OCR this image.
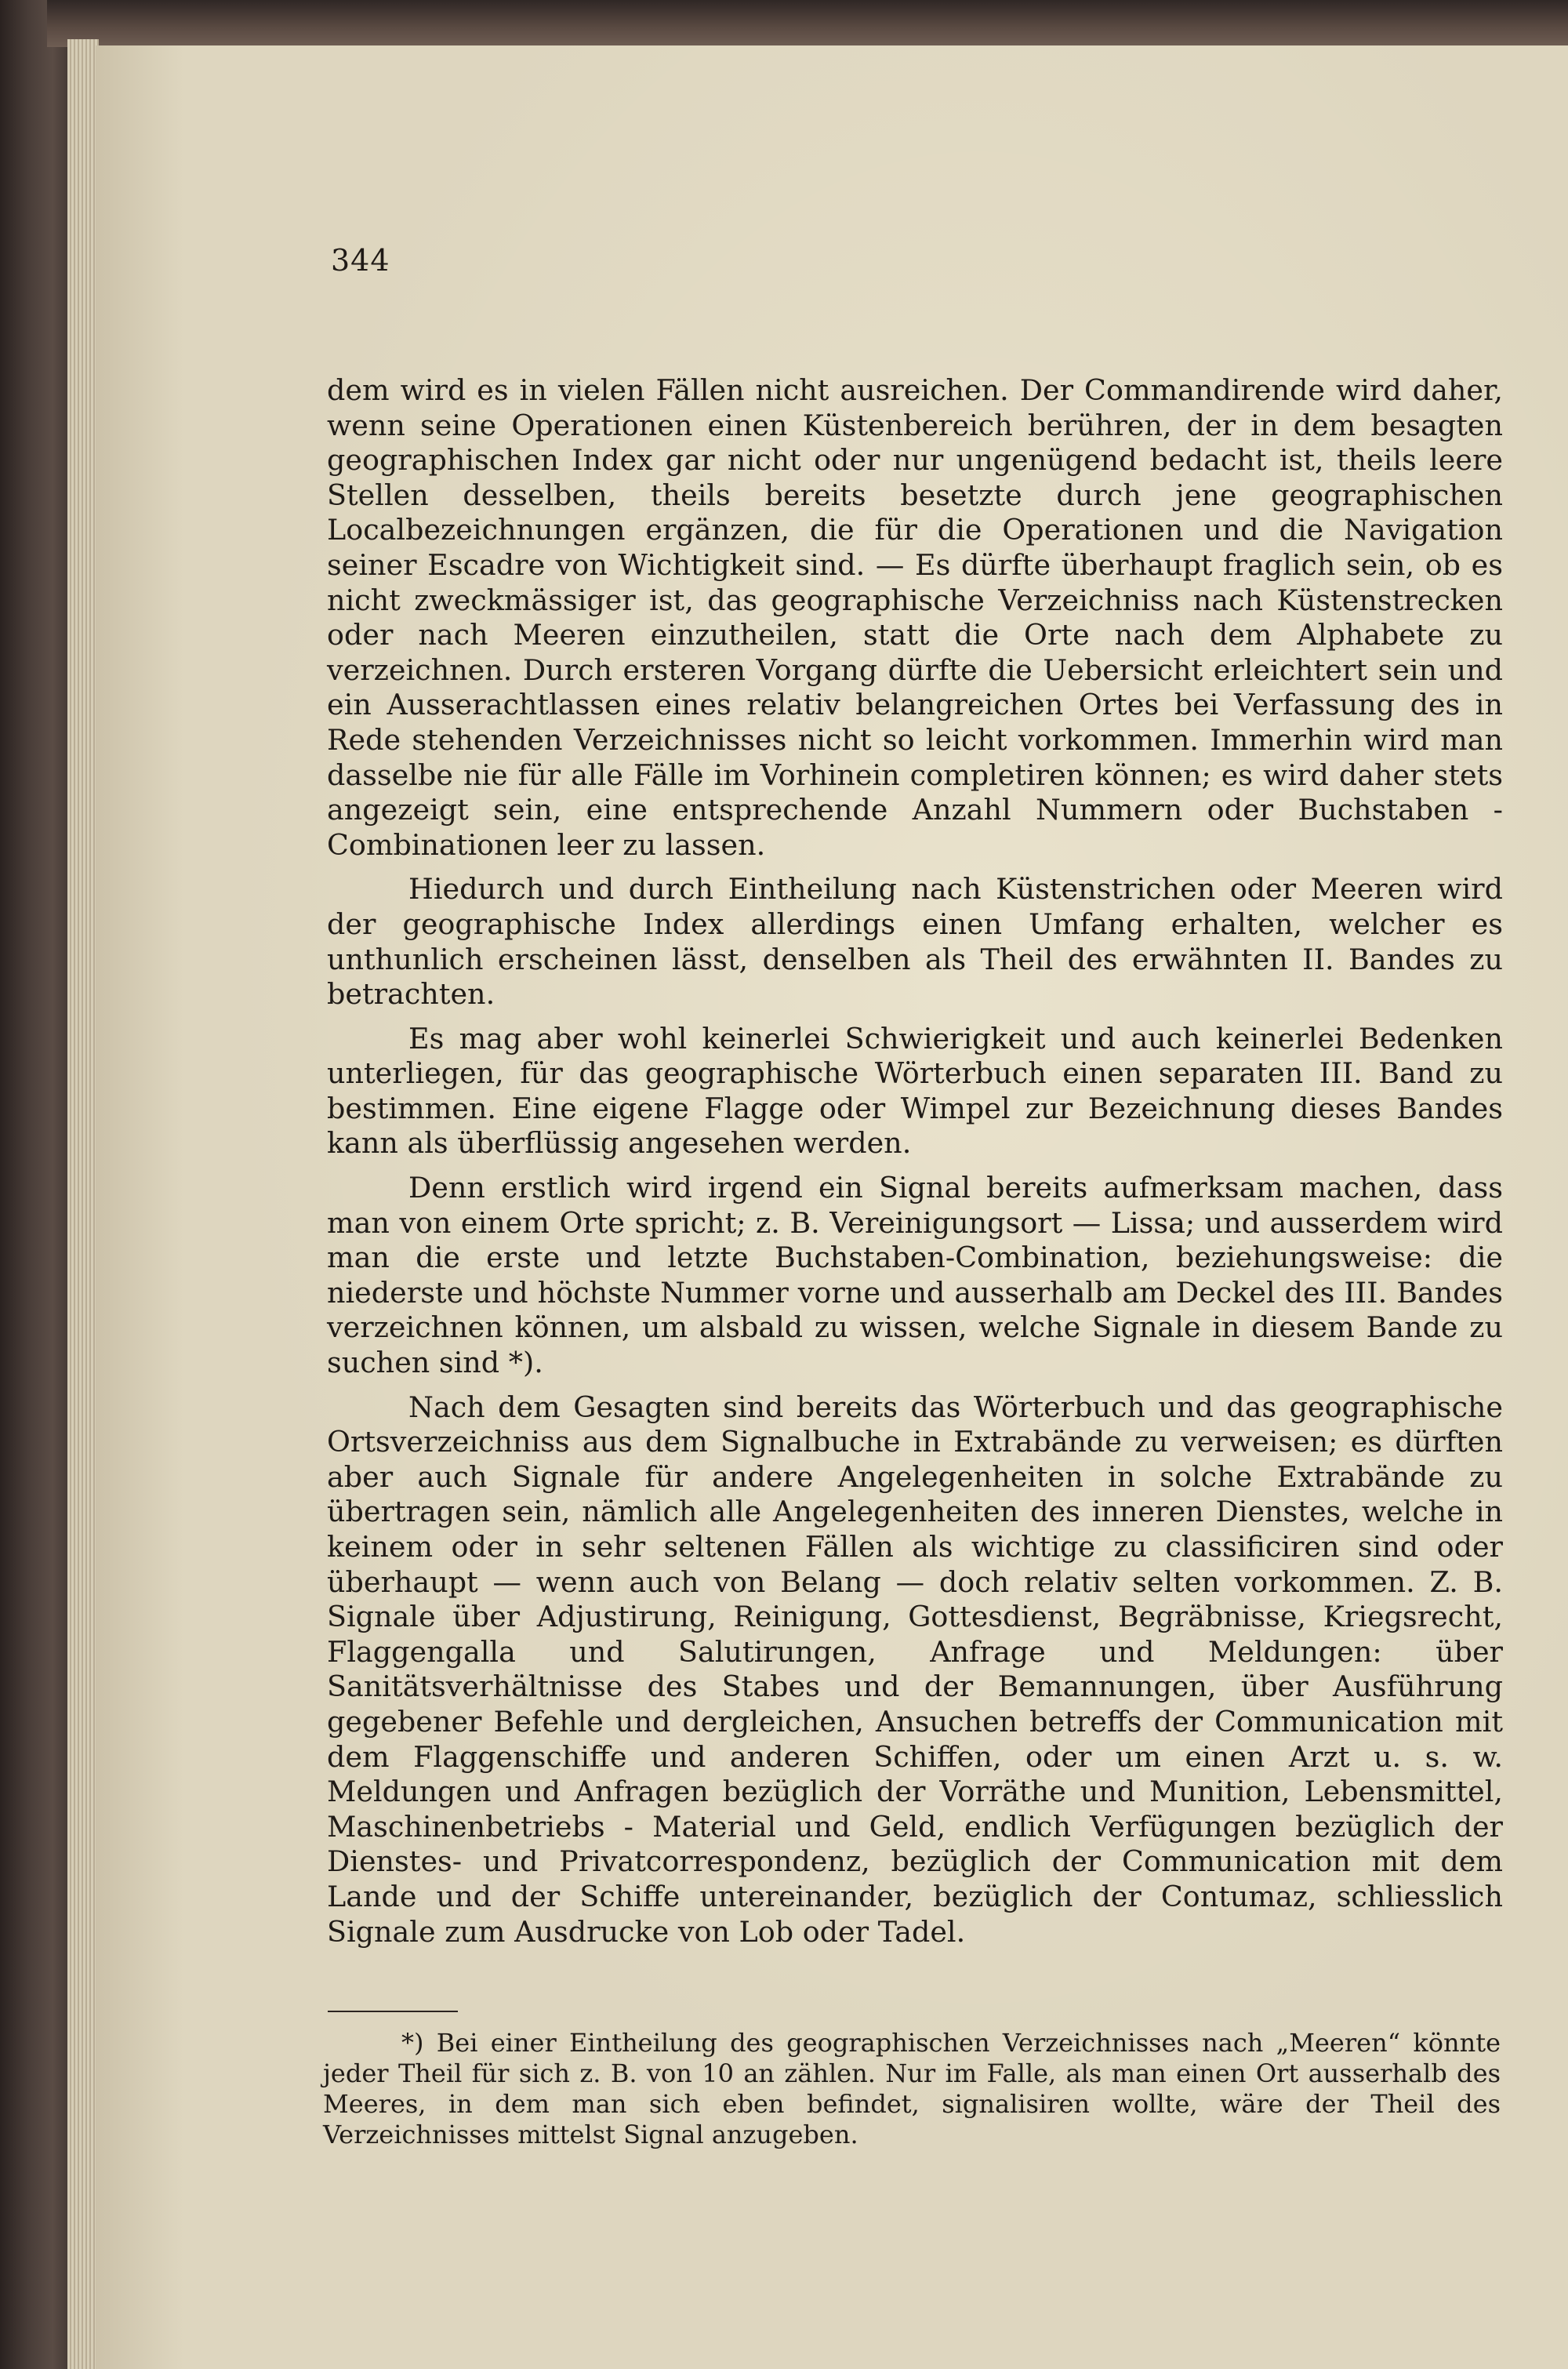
344

dem wird es in vielen Fällen nicht ausreichen. Der Commandirende wird daher, wenn seine Operationen einen Küstenbereich berühren, der in dem besagten geographischen Index gar nicht oder nur ungenügend bedacht ist, theils leere Stellen desselben, theils bereits besetzte durch jene geographischen Localbezeichnungen ergänzen, die für die Operationen und die Navigation seiner Escadre von Wichtigkeit sind. — Es dürfte überhaupt fraglich sein, ob es nicht zweckmässiger ist, das geographische Verzeichniss nach Küstenstrecken oder nach Meeren einzutheilen, statt die Orte nach dem Alphabete zu verzeichnen. Durch ersteren Vorgang dürfte die Uebersicht erleichtert sein und ein Ausserachtlassen eines relativ belangreichen Ortes bei Verfassung des in Rede stehenden Verzeichnisses nicht so leicht vorkommen. Immerhin wird man dasselbe nie für alle Fälle im Vorhinein completiren können; es wird daher stets angezeigt sein, eine entsprechende Anzahl Nummern oder Buchstaben - Combinationen leer zu lassen.

Hiedurch und durch Eintheilung nach Küstenstrichen oder Meeren wird der geographische Index allerdings einen Umfang erhalten, welcher es unthunlich erscheinen lässt, denselben als Theil des erwähnten II. Bandes zu betrachten.

Es mag aber wohl keinerlei Schwierigkeit und auch keinerlei Bedenken unterliegen, für das geographische Wörterbuch einen separaten III. Band zu bestimmen. Eine eigene Flagge oder Wimpel zur Bezeichnung dieses Bandes kann als überflüssig angesehen werden.

Denn erstlich wird irgend ein Signal bereits aufmerksam machen, dass man von einem Orte spricht; z. B. Vereinigungsort — Lissa; und ausserdem wird man die erste und letzte Buchstaben-Combination, beziehungsweise: die niederste und höchste Nummer vorne und ausserhalb am Deckel des III. Bandes verzeichnen können, um alsbald zu wissen, welche Signale in diesem Bande zu suchen sind *).

Nach dem Gesagten sind bereits das Wörterbuch und das geographische Ortsverzeichniss aus dem Signalbuche in Extrabände zu verweisen; es dürften aber auch Signale für andere Angelegenheiten in solche Extrabände zu übertragen sein, nämlich alle Angelegenheiten des inneren Dienstes, welche in keinem oder in sehr seltenen Fällen als wichtige zu classificiren sind oder überhaupt — wenn auch von Belang — doch relativ selten vorkommen. Z. B. Signale über Adjustirung, Reinigung, Gottesdienst, Begräbnisse, Kriegsrecht, Flaggengalla und Salutirungen, Anfrage und Meldungen: über Sanitätsverhältnisse des Stabes und der Bemannungen, über Ausführung gegebener Befehle und dergleichen, Ansuchen betreffs der Communication mit dem Flaggenschiffe und anderen Schiffen, oder um einen Arzt u. s. w. Meldungen und Anfragen bezüglich der Vorräthe und Munition, Lebensmittel, Maschinenbetriebs - Material und Geld, endlich Verfügungen bezüglich der Dienstes- und Privatcorrespondenz, bezüglich der Communication mit dem Lande und der Schiffe untereinander, bezüglich der Contumaz, schliesslich Signale zum Ausdrucke von Lob oder Tadel.

*) Bei einer Eintheilung des geographischen Verzeichnisses nach „Meeren“ könnte jeder Theil für sich z. B. von 10 an zählen. Nur im Falle, als man einen Ort ausserhalb des Meeres, in dem man sich eben befindet, signalisiren wollte, wäre der Theil des Verzeichnisses mittelst Signal anzugeben.
